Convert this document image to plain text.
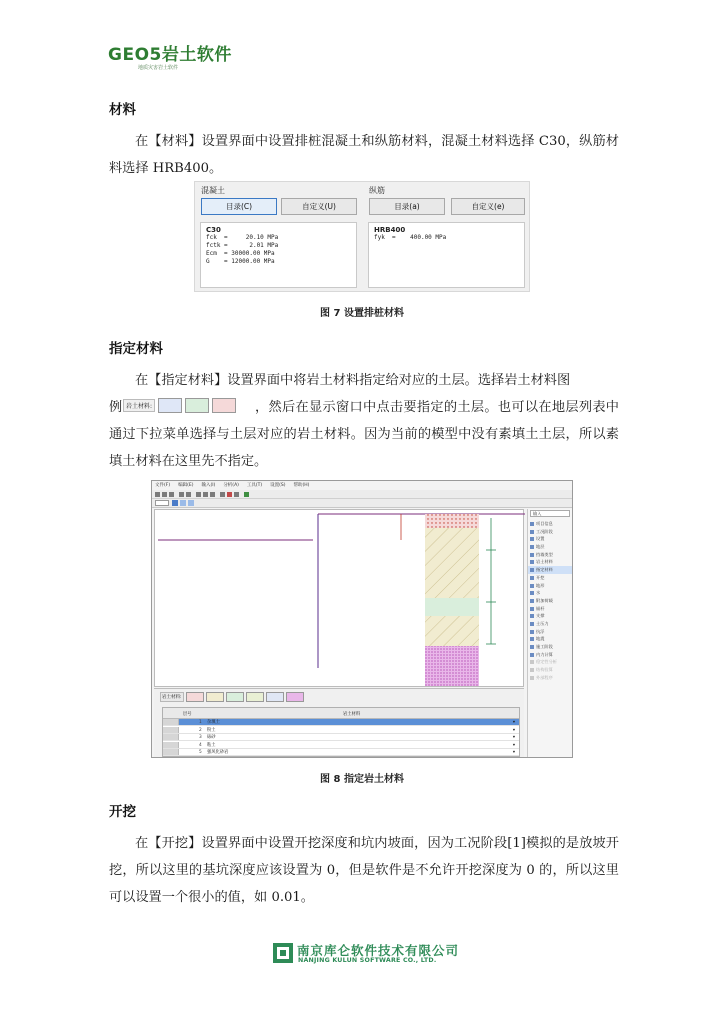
GEO5岩土软件
地质灾害岩土软件
材料
在【材料】设置界面中设置排桩混凝土和纵筋材料，混凝土材料选择 C30，纵筋材料选择 HRB400。
混凝土
目录(C)	自定义(U)
C30
fck  =     20.10 MPa
fctk =      2.01 MPa
Ecm  = 30000.00 MPa
G    = 12000.00 MPa
纵筋
目录(a)	自定义(e)
HRB400
fyk  =    400.00 MPa
图 7 设置排桩材料
指定材料
在【指定材料】设置界面中将岩土材料指定给对应的土层。选择岩土材料图
例 岩土材料:	，然后在显示窗口中点击要指定的土层。也可以在地层列表中通过下拉菜单选择与土层对应的岩土材料。因为当前的模型中没有素填土土层，所以素填土材料在这里先不指定。
文件(F) 编辑(E) 输入(I) 分析(A) 工具(T) 设置(S) 帮助(H)
输入
项目信息
工况阶段
设置
地层
挡墙类型
岩土材料
指定材料
开挖
地形
水
附加荷载
锚杆
支撑
土压力
抗浮
地震
施工阶段
内力计算
稳定性分析
结构验算
外部程序
岩土材料:
层号	岩土材料
1 杂填土	▾
2 粉土	▾
3 砾砂	▾
4 粘土	▾
5 强风化砂岩	▾
图 8 指定岩土材料
开挖
在【开挖】设置界面中设置开挖深度和坑内坡面，因为工况阶段[1]模拟的是放坡开挖，所以这里的基坑深度应该设置为 0，但是软件是不允许开挖深度为 0 的，所以这里可以设置一个很小的值，如 0.01。
南京库仑软件技术有限公司
NANJING KULUN SOFTWARE CO., LTD.
